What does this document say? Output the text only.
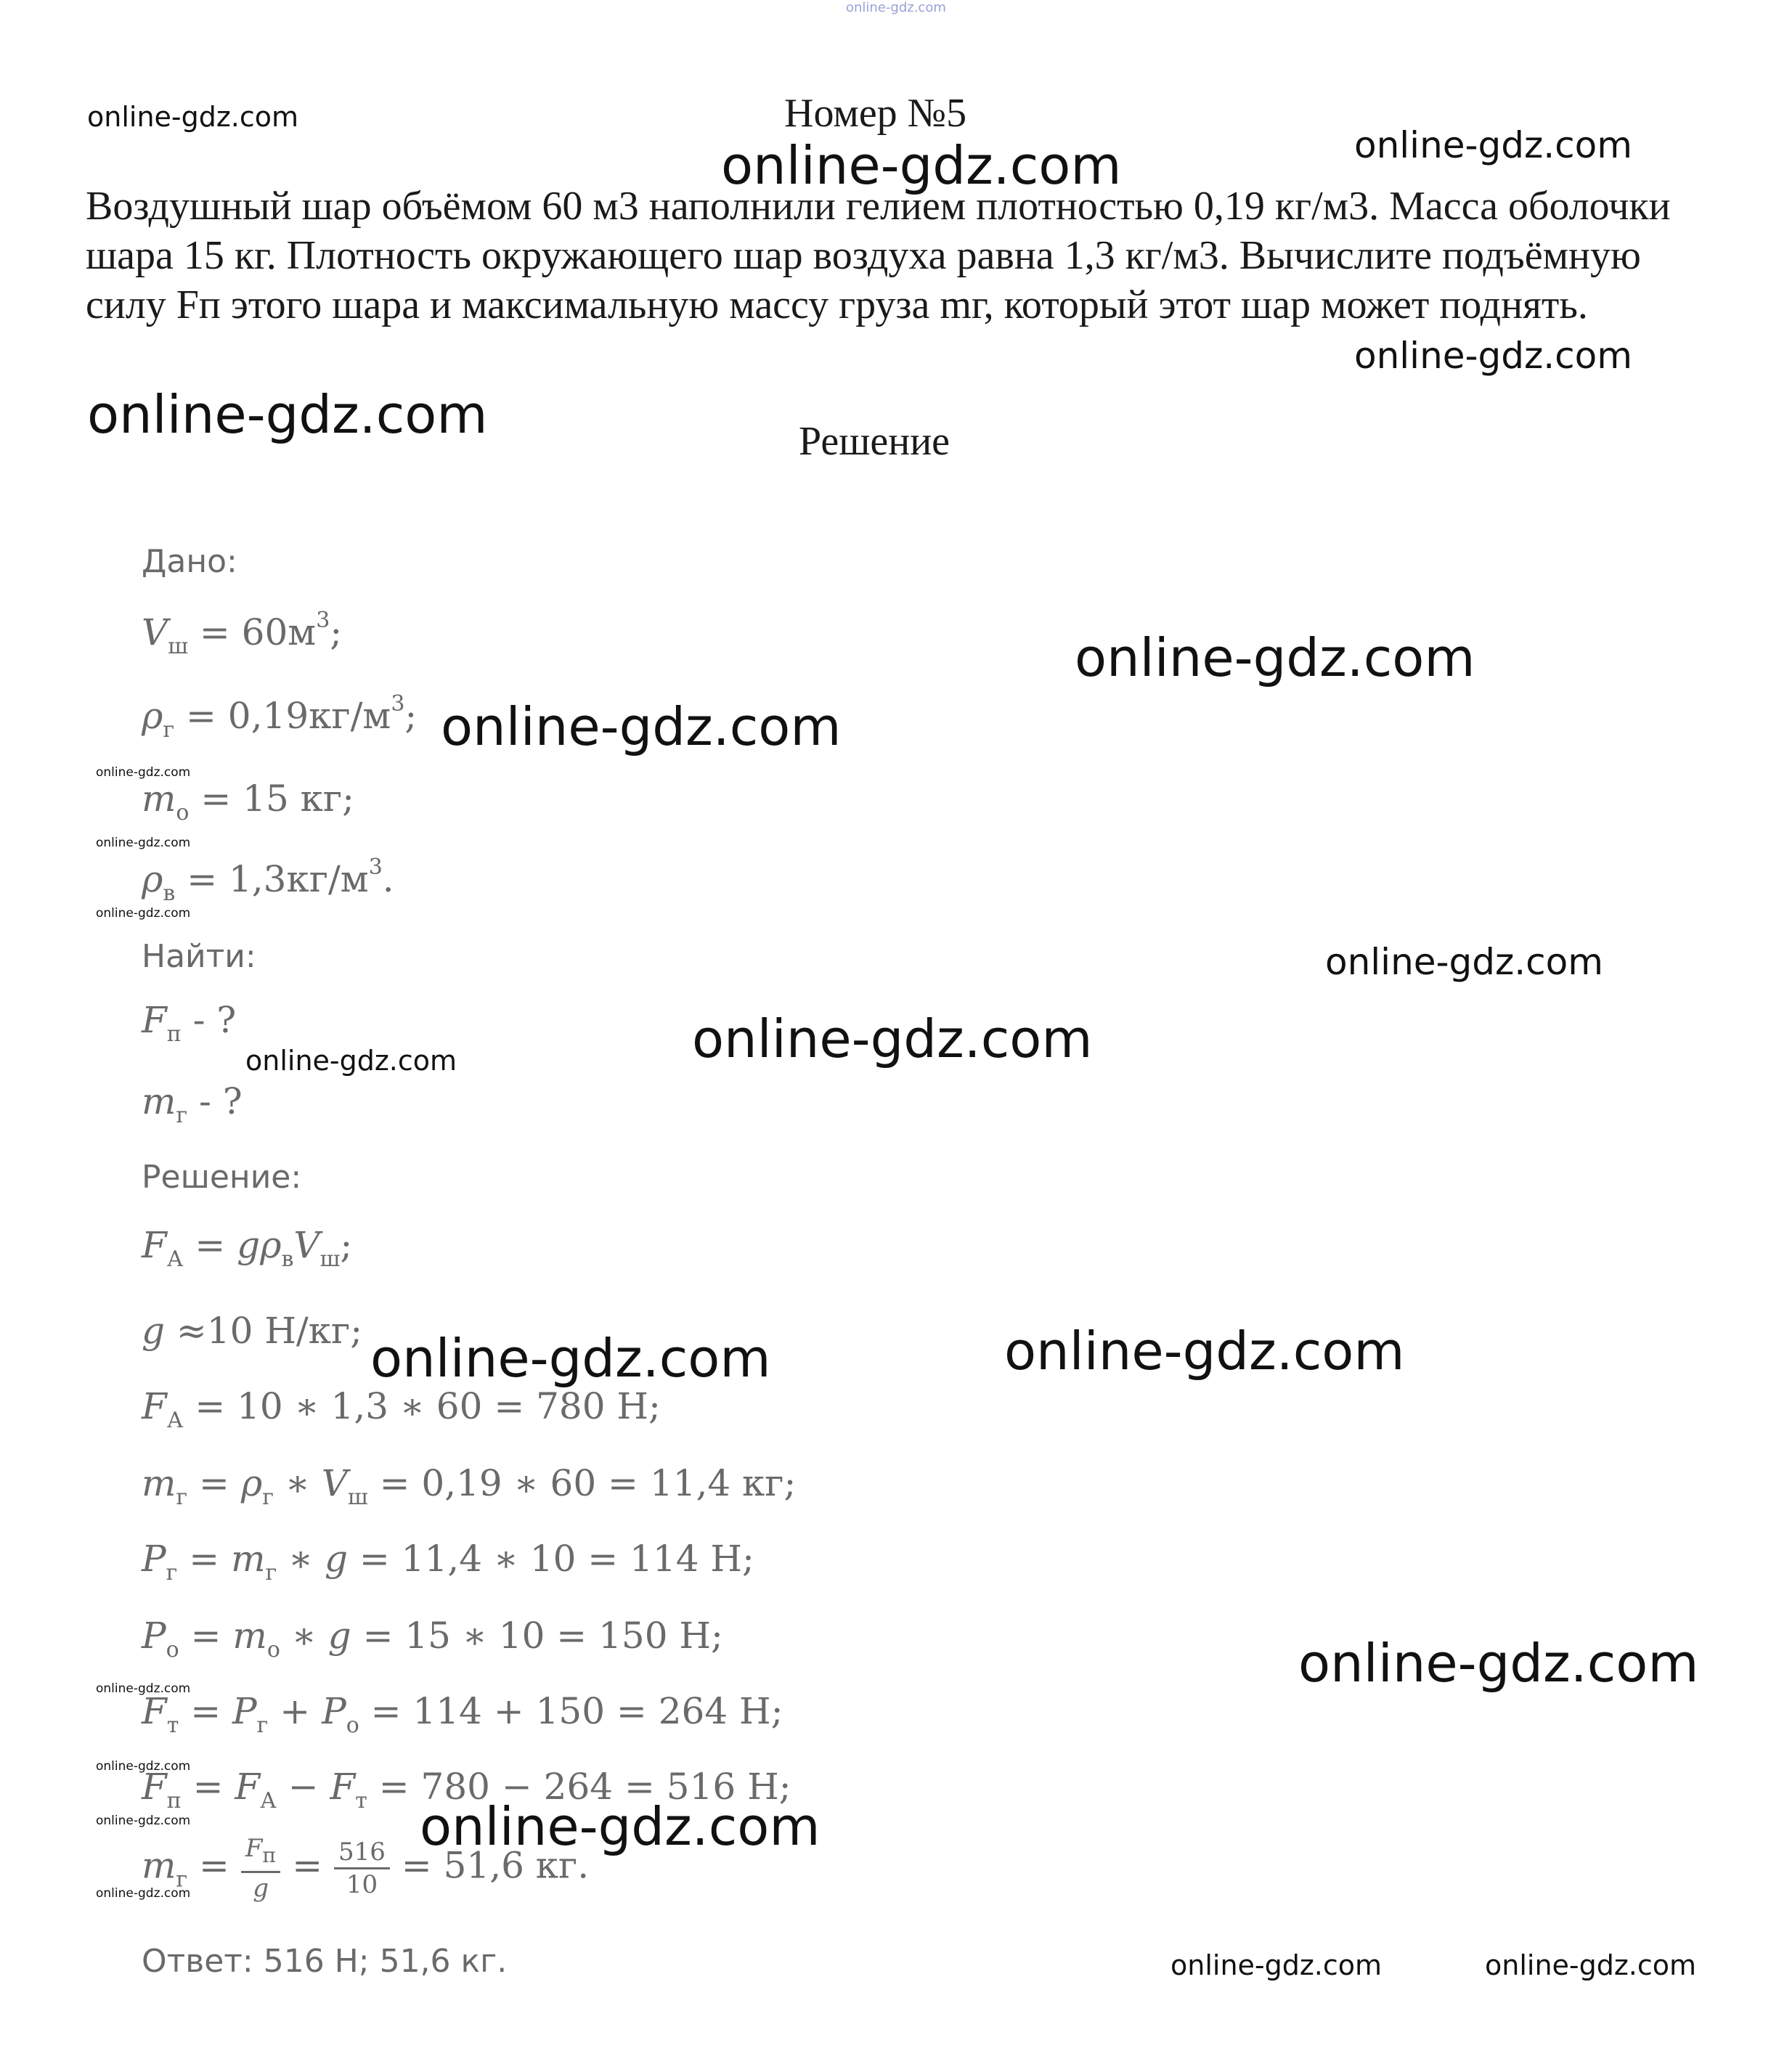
online-gdz.com
online-gdz.com
online-gdz.com	online-gdz.com
online-gdz.com
online-gdz.com
online-gdz.com
online-gdz.com
online-gdz.com
online-gdz.com
online-gdz.com
online-gdz.com
online-gdz.com
online-gdz.com
online-gdz.com
online-gdz.com
online-gdz.com
online-gdz.com
online-gdz.com
online-gdz.com	online-gdz.com
online-gdz.com
online-gdz.com	online-gdz.com
Номер №5
Воздушный шар объёмом 60 м3 наполнили гелием плотностью 0,19 кг/м3. Масса оболочки шара 15 кг. Плотность окружающего шар воздуха равна 1,3 кг/м3. Вычислите подъёмную силу Fп этого шара и максимальную массу груза mг, который этот шар может поднять.
Решение
Дано:
$V_ш = 60м^3$;
$\rho_г = 0,19кг/м^3$;
$m_о = 15$ кг;
$\rho_в = 1,3кг/м^3$.
Найти:
$F_п$ - ?
$m_г$ - ?
Решение:
$F_А = g\rho_вV_ш$;
g ≈10 Н/кг;
$F_А = 10$ ∗ 1,3 ∗ 60 = 780 Н;
$m_г = \rho_г$ ∗ $V_ш = 0,19$ ∗ 60 = 11,4 кг;
$P_г = m_г$ ∗ g = 11,4 ∗ 10 = 114 Н;
$P_о = m_о$ ∗ g = 15 ∗ 10 = 150 Н;
$F_т = P_г + P_о = 114 + 150 = 264$ Н;
$F_п = F_А - F_т = 780 - 264 = 516$ Н;
$m_г = \frac{F_п}{g} = \frac{516}{10} = 51,6$ кг.
Ответ: 516 Н; 51,6 кг.
